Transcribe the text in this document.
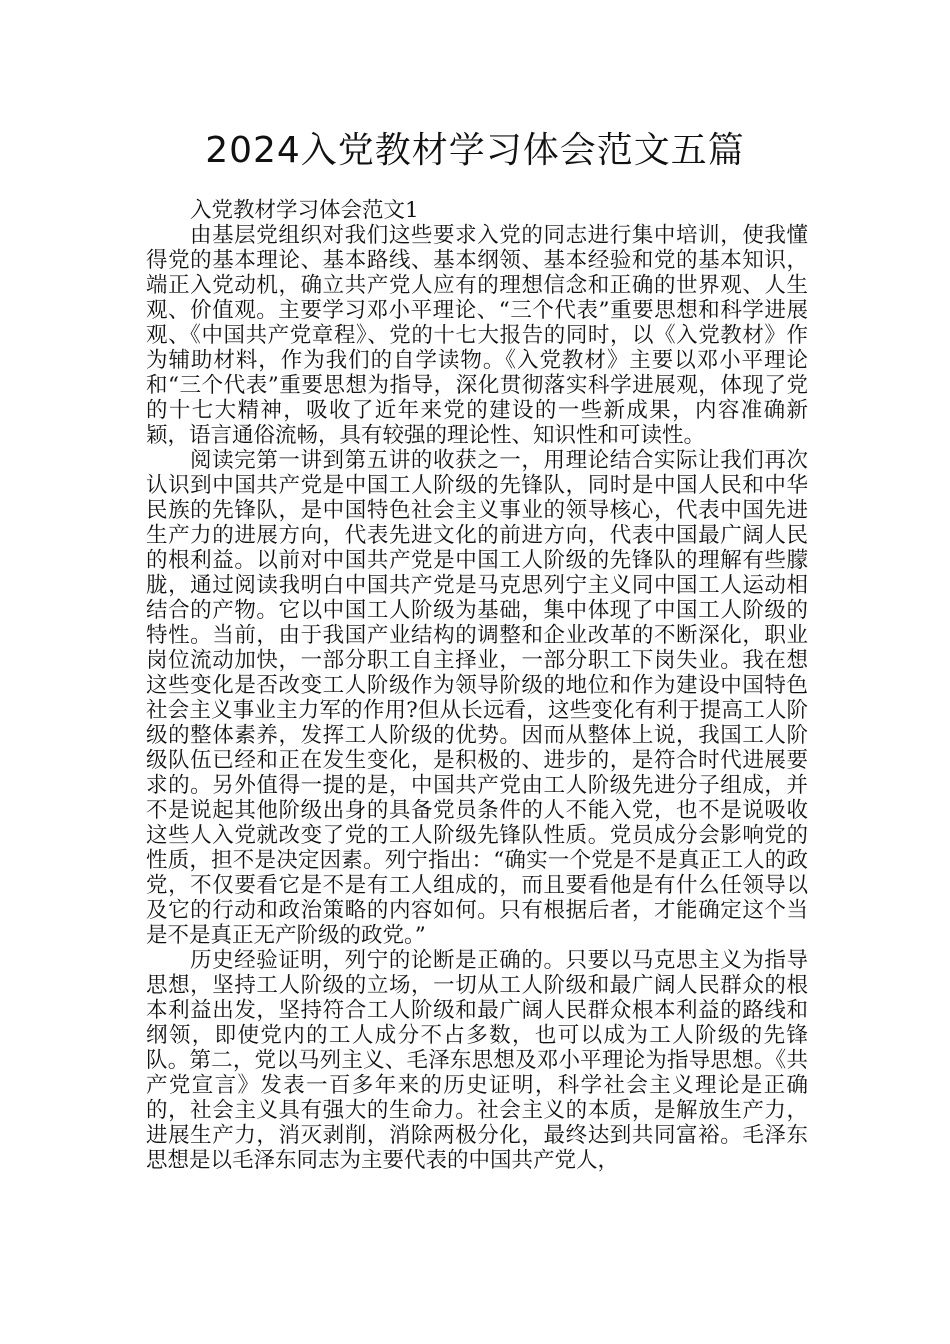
2024入党教材学习体会范文五篇

入党教材学习体会范文1

由基层党组织对我们这些要求入党的同志进行集中培训，使我懂得党的基本理论、基本路线、基本纲领、基本经验和党的基本知识，端正入党动机，确立共产党人应有的理想信念和正确的世界观、人生观、价值观。主要学习邓小平理论、“三个代表”重要思想和科学进展观、《中国共产党章程》、党的十七大报告的同时，以《入党教材》作为辅助材料，作为我们的自学读物。《入党教材》主要以邓小平理论和“三个代表”重要思想为指导，深化贯彻落实科学进展观，体现了党的十七大精神，吸收了近年来党的建设的一些新成果，内容准确新颖，语言通俗流畅，具有较强的理论性、知识性和可读性。

阅读完第一讲到第五讲的收获之一，用理论结合实际让我们再次认识到中国共产党是中国工人阶级的先锋队，同时是中国人民和中华民族的先锋队，是中国特色社会主义事业的领导核心，代表中国先进生产力的进展方向，代表先进文化的前进方向，代表中国最广阔人民的根利益。以前对中国共产党是中国工人阶级的先锋队的理解有些朦胧，通过阅读我明白中国共产党是马克思列宁主义同中国工人运动相结合的产物。它以中国工人阶级为基础，集中体现了中国工人阶级的特性。当前，由于我国产业结构的调整和企业改革的不断深化，职业岗位流动加快，一部分职工自主择业，一部分职工下岗失业。我在想这些变化是否改变工人阶级作为领导阶级的地位和作为建设中国特色社会主义事业主力军的作用?但从长远看，这些变化有利于提高工人阶级的整体素养，发挥工人阶级的优势。因而从整体上说，我国工人阶级队伍已经和正在发生变化，是积极的、进步的，是符合时代进展要求的。另外值得一提的是，中国共产党由工人阶级先进分子组成，并不是说起其他阶级出身的具备党员条件的人不能入党，也不是说吸收这些人入党就改变了党的工人阶级先锋队性质。党员成分会影响党的性质，担不是决定因素。列宁指出：“确实一个党是不是真正工人的政党，不仅要看它是不是有工人组成的，而且要看他是有什么任领导以及它的行动和政治策略的内容如何。只有根据后者，才能确定这个当是不是真正无产阶级的政党。”

历史经验证明，列宁的论断是正确的。只要以马克思主义为指导思想，坚持工人阶级的立场，一切从工人阶级和最广阔人民群众的根本利益出发，坚持符合工人阶级和最广阔人民群众根本利益的路线和纲领，即使党内的工人成分不占多数，也可以成为工人阶级的先锋队。第二，党以马列主义、毛泽东思想及邓小平理论为指导思想。《共产党宣言》发表一百多年来的历史证明，科学社会主义理论是正确的，社会主义具有强大的生命力。社会主义的本质，是解放生产力，进展生产力，消灭剥削，消除两极分化，最终达到共同富裕。毛泽东思想是以毛泽东同志为主要代表的中国共产党人，
